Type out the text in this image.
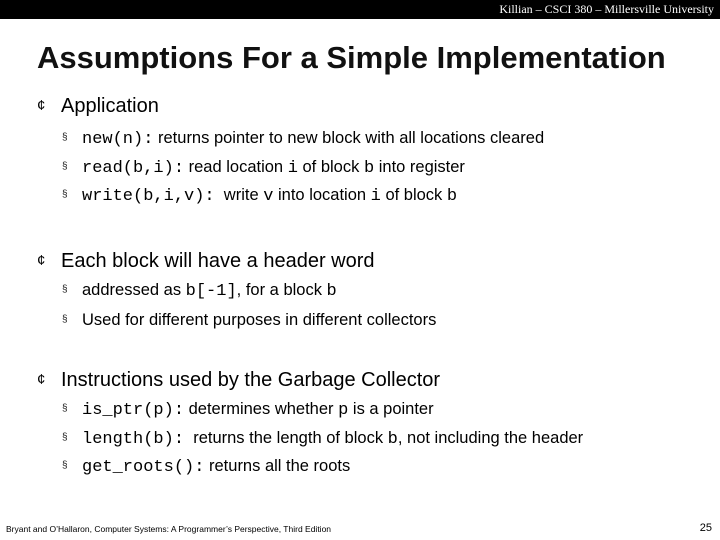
Killian – CSCI 380 – Millersville University
Assumptions For a Simple Implementation
¢ Application
§ new(n): returns pointer to new block with all locations cleared
§ read(b,i): read location i of block b into register
§ write(b,i,v):  write v into location i of block b
¢ Each block will have a header word
§ addressed as b[-1], for a block b
§ Used for different purposes in different collectors
¢ Instructions used by the Garbage Collector
§ is_ptr(p): determines whether p is a pointer
§ length(b):  returns the length of block b, not including the header
§ get_roots(): returns all the roots
Bryant and O’Hallaron, Computer Systems: A Programmer’s Perspective, Third Edition	25
